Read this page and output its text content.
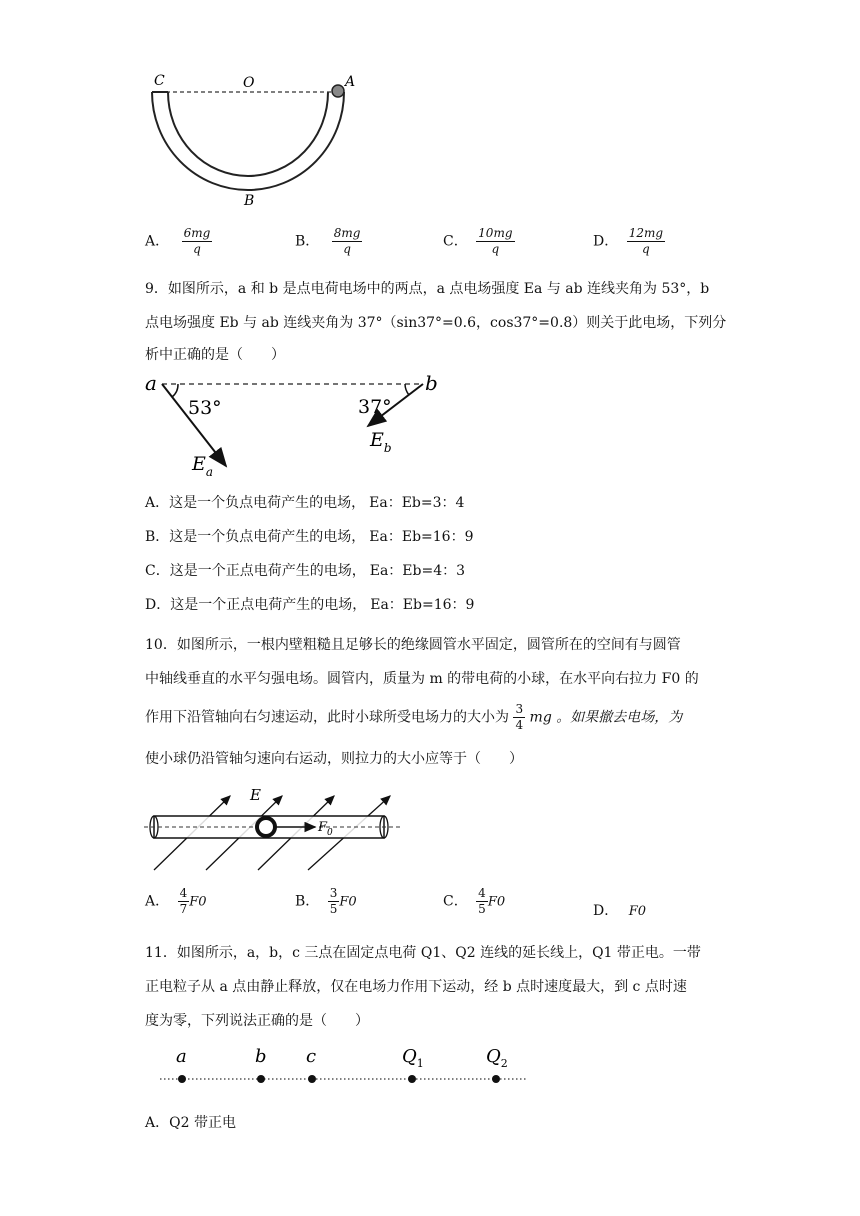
C	O	A
B
A． $\frac{6mg}{q}$	B． $\frac{8mg}{q}$	C． $\frac{10mg}{q}$	D． $\frac{12mg}{q}$
9．如图所示，a 和 b 是点电荷电场中的两点，a 点电场强度 Ea 与 ab 连线夹角为 53°，b
点电场强度 Eb 与 ab 连线夹角为 37°（sin37°=0.6，cos37°=0.8）则关于此电场，下列分
析中正确的是（　　）
a	b
53°	37°
$E_a$
$E_b$
A．这是一个负点电荷产生的电场， Ea：Eb=3：4
B．这是一个负点电荷产生的电场， Ea：Eb=16：9
C．这是一个正点电荷产生的电场， Ea：Eb=4：3
D．这是一个正点电荷产生的电场， Ea：Eb=16：9
10．如图所示，一根内壁粗糙且足够长的绝缘圆管水平固定，圆管所在的空间有与圆管
中轴线垂直的水平匀强电场。圆管内，质量为 m 的带电荷的小球，在水平向右拉力 F0 的
作用下沿管轴向右匀速运动，此时小球所受电场力的大小为 $\frac{3}{4}$ mg 。如果撤去电场，为
使小球仍沿管轴匀速向右运动，则拉力的大小应等于（　　）
E
$F_0$
A． $\frac{4}{7} F0$	B． $\frac{3}{5} F0$	C． $\frac{4}{5} F0$
D． F0
11．如图所示，a，b，c 三点在固定点电荷 Q1、Q2 连线的延长线上，Q1 带正电。一带
正电粒子从 a 点由静止释放，仅在电场力作用下运动，经 b 点时速度最大，到 c 点时速
度为零，下列说法正确的是（　　）
a	b c	$Q_1$	$Q_2$
A．Q2 带正电
